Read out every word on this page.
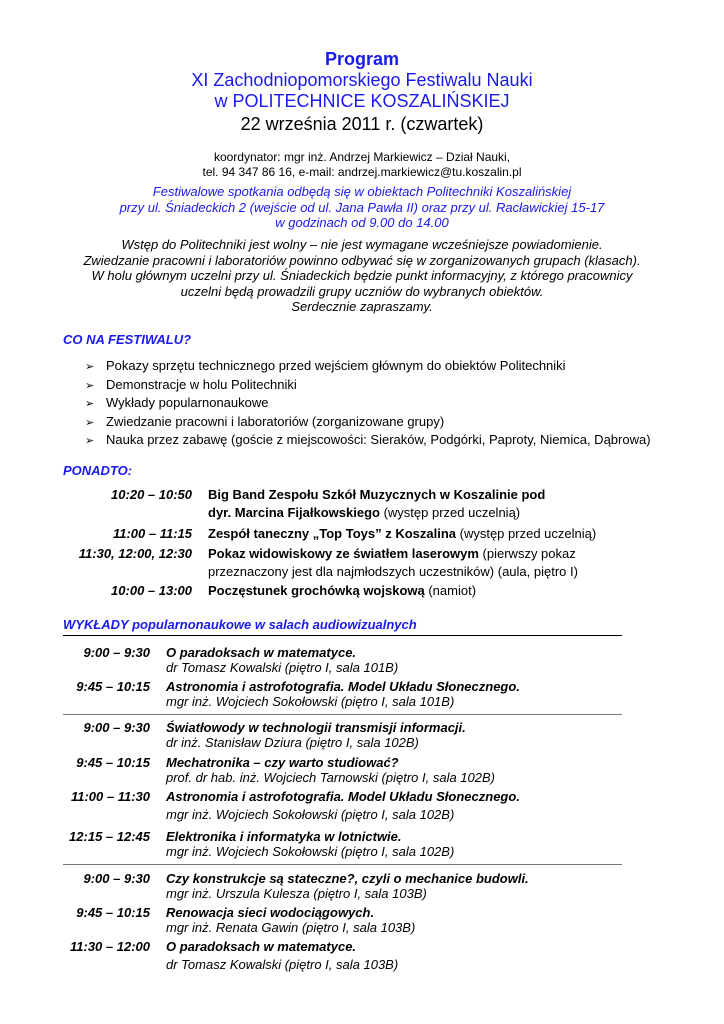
Program
XI Zachodniopomorskiego Festiwalu Nauki
w POLITECHNICE KOSZALIŃSKIEJ
22 września 2011 r. (czwartek)
koordynator: mgr inż. Andrzej Markiewicz – Dział Nauki,
tel. 94 347 86 16, e-mail: andrzej.markiewicz@tu.koszalin.pl
Festiwalowe spotkania odbędą się w obiektach Politechniki Koszalińskiej
przy ul. Śniadeckich 2 (wejście od ul. Jana Pawła II) oraz przy ul. Racławickiej 15-17
w godzinach od 9.00 do 14.00
Wstęp do Politechniki jest wolny – nie jest wymagane wcześniejsze powiadomienie.
Zwiedzanie pracowni i laboratoriów powinno odbywać się w zorganizowanych grupach (klasach).
W holu głównym uczelni przy ul. Śniadeckich będzie punkt informacyjny, z którego pracownicy
uczelni będą prowadzili grupy uczniów do wybranych obiektów.
Serdecznie zapraszamy.
CO NA FESTIWALU?
➢ Pokazy sprzętu technicznego przed wejściem głównym do obiektów Politechniki
➢ Demonstracje w holu Politechniki
➢ Wykłady popularnonaukowe
➢ Zwiedzanie pracowni i laboratoriów (zorganizowane grupy)
➢ Nauka przez zabawę (goście z miejscowości: Sieraków, Podgórki, Paproty, Niemica, Dąbrowa)
PONADTO:
10:20 – 10:50 Big Band Zespołu Szkół Muzycznych w Koszalinie pod dyr. Marcina Fijałkowskiego (występ przed uczelnią)
11:00 – 11:15 Zespół taneczny „Top Toys” z Koszalina (występ przed uczelnią)
11:30, 12:00, 12:30 Pokaz widowiskowy ze światłem laserowym (pierwszy pokaz przeznaczony jest dla najmłodszych uczestników) (aula, piętro I)
10:00 – 13:00 Poczęstunek grochówką wojskową (namiot)
WYKŁADY popularnonaukowe w salach audiowizualnych
9:00 – 9:30 O paradoksach w matematyce.
dr Tomasz Kowalski (piętro I, sala 101B)
9:45 – 10:15 Astronomia i astrofotografia. Model Układu Słonecznego.
mgr inż. Wojciech Sokołowski (piętro I, sala 101B)
9:00 – 9:30 Światłowody w technologii transmisji informacji.
dr inż. Stanisław Dziura (piętro I, sala 102B)
9:45 – 10:15 Mechatronika – czy warto studiować?
prof. dr hab. inż. Wojciech Tarnowski (piętro I, sala 102B)
11:00 – 11:30 Astronomia i astrofotografia. Model Układu Słonecznego.
mgr inż. Wojciech Sokołowski (piętro I, sala 102B)
12:15 – 12:45 Elektronika i informatyka w lotnictwie.
mgr inż. Wojciech Sokołowski (piętro I, sala 102B)
9:00 – 9:30 Czy konstrukcje są stateczne?, czyli o mechanice budowli.
mgr inż. Urszula Kulesza (piętro I, sala 103B)
9:45 – 10:15 Renowacja sieci wodociągowych.
mgr inż. Renata Gawin (piętro I, sala 103B)
11:30 – 12:00 O paradoksach w matematyce.
dr Tomasz Kowalski (piętro I, sala 103B)
